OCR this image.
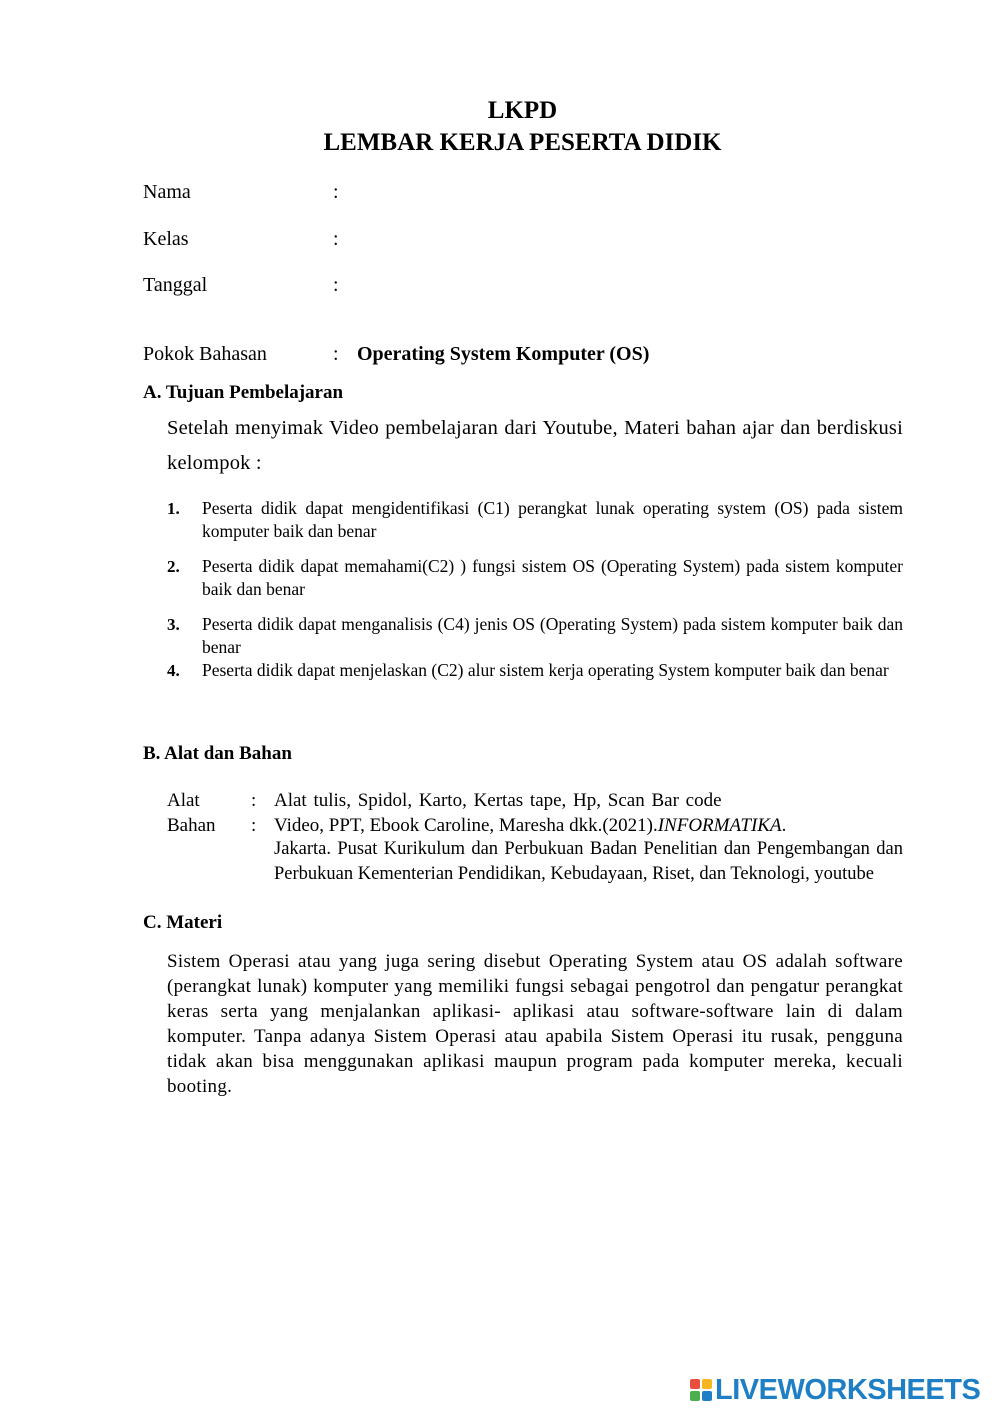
LKPD
LEMBAR KERJA PESERTA DIDIK
Nama	:
Kelas	:
Tanggal	:
Pokok Bahasan	: Operating System Komputer (OS)
A. Tujuan Pembelajaran
Setelah menyimak Video pembelajaran dari Youtube, Materi bahan ajar dan berdiskusi kelompok :
1. Peserta didik dapat mengidentifikasi (C1) perangkat lunak operating system (OS) pada sistem komputer baik dan benar
2. Peserta didik dapat memahami(C2) ) fungsi sistem OS (Operating System) pada sistem komputer baik dan benar
3. Peserta didik dapat menganalisis (C4) jenis OS (Operating System) pada sistem komputer baik dan benar
4. Peserta didik dapat menjelaskan (C2) alur sistem kerja operating System komputer baik dan benar
B. Alat dan Bahan
Alat	: Alat tulis, Spidol, Karto, Kertas tape, Hp, Scan Bar code
Bahan : Video, PPT, Ebook Caroline, Maresha dkk.(2021).INFORMATIKA.
Jakarta. Pusat Kurikulum dan Perbukuan Badan Penelitian dan Pengembangan dan Perbukuan Kementerian Pendidikan, Kebudayaan, Riset, dan Teknologi, youtube
C. Materi
Sistem Operasi atau yang juga sering disebut Operating System atau OS adalah software (perangkat lunak) komputer yang memiliki fungsi sebagai pengotrol dan pengatur perangkat keras serta yang menjalankan aplikasi- aplikasi atau software-software lain di dalam komputer. Tanpa adanya Sistem Operasi atau apabila Sistem Operasi itu rusak, pengguna tidak akan bisa menggunakan aplikasi maupun program pada komputer mereka, kecuali booting.
LIVEWORKSHEETS
